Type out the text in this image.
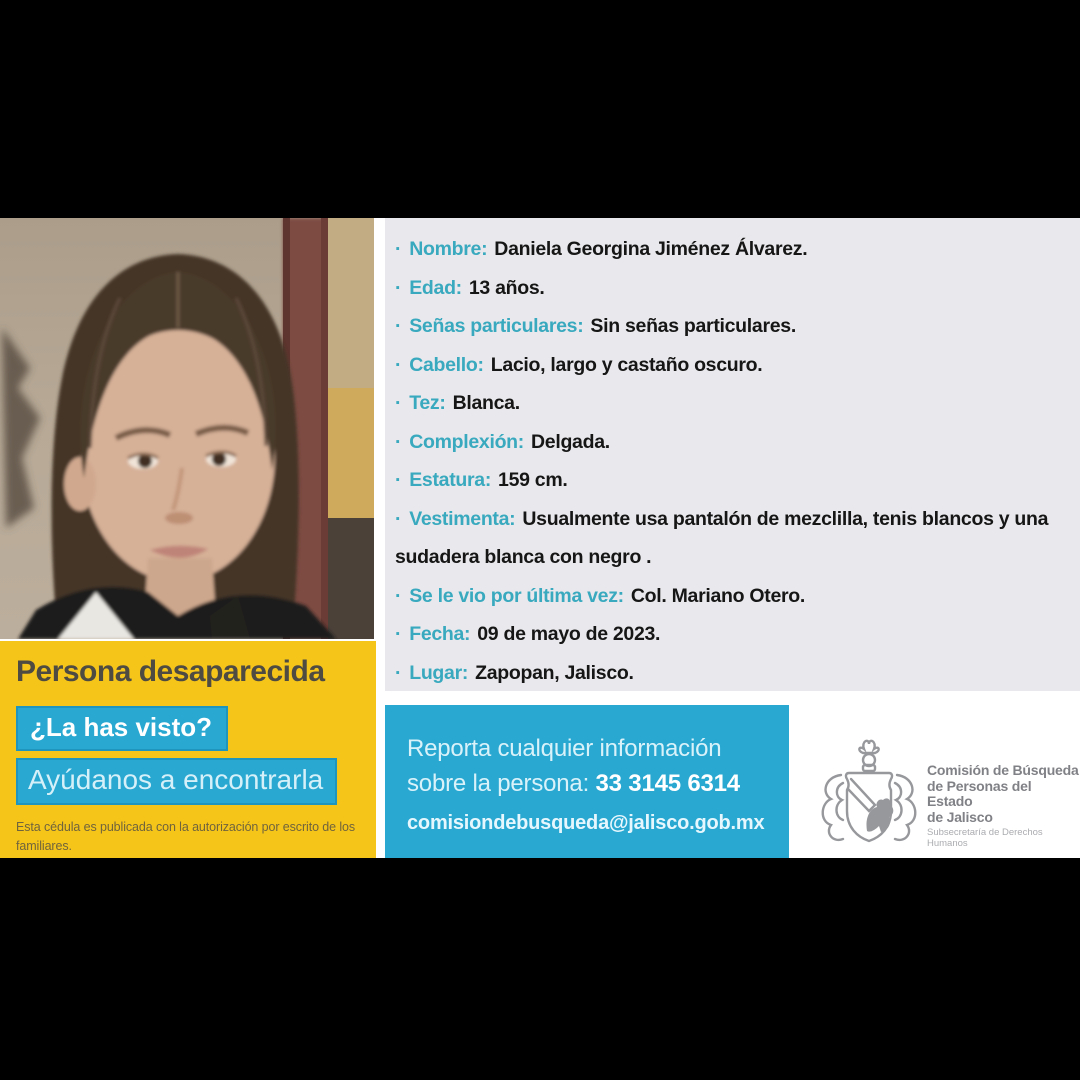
Persona desaparecida
¿La has visto?
Ayúdanos a encontrarla
Esta cédula es publicada con la autorización por escrito de los familiares.
· Nombre: Daniela Georgina Jiménez Álvarez.
· Edad: 13 años.
· Señas particulares: Sin señas particulares.
· Cabello: Lacio, largo y castaño oscuro.
· Tez: Blanca.
· Complexión: Delgada.
· Estatura: 159 cm.
· Vestimenta: Usualmente usa pantalón de mezclilla, tenis blancos y una sudadera blanca con negro .
· Se le vio por última vez: Col. Mariano Otero.
· Fecha: 09 de mayo de 2023.
· Lugar: Zapopan, Jalisco.
Reporta cualquier información
sobre la persona: 33 3145 6314
comisiondebusqueda@jalisco.gob.mx
Comisión de Búsqueda
de Personas del Estado
de Jalisco
Subsecretaría de Derechos Humanos
